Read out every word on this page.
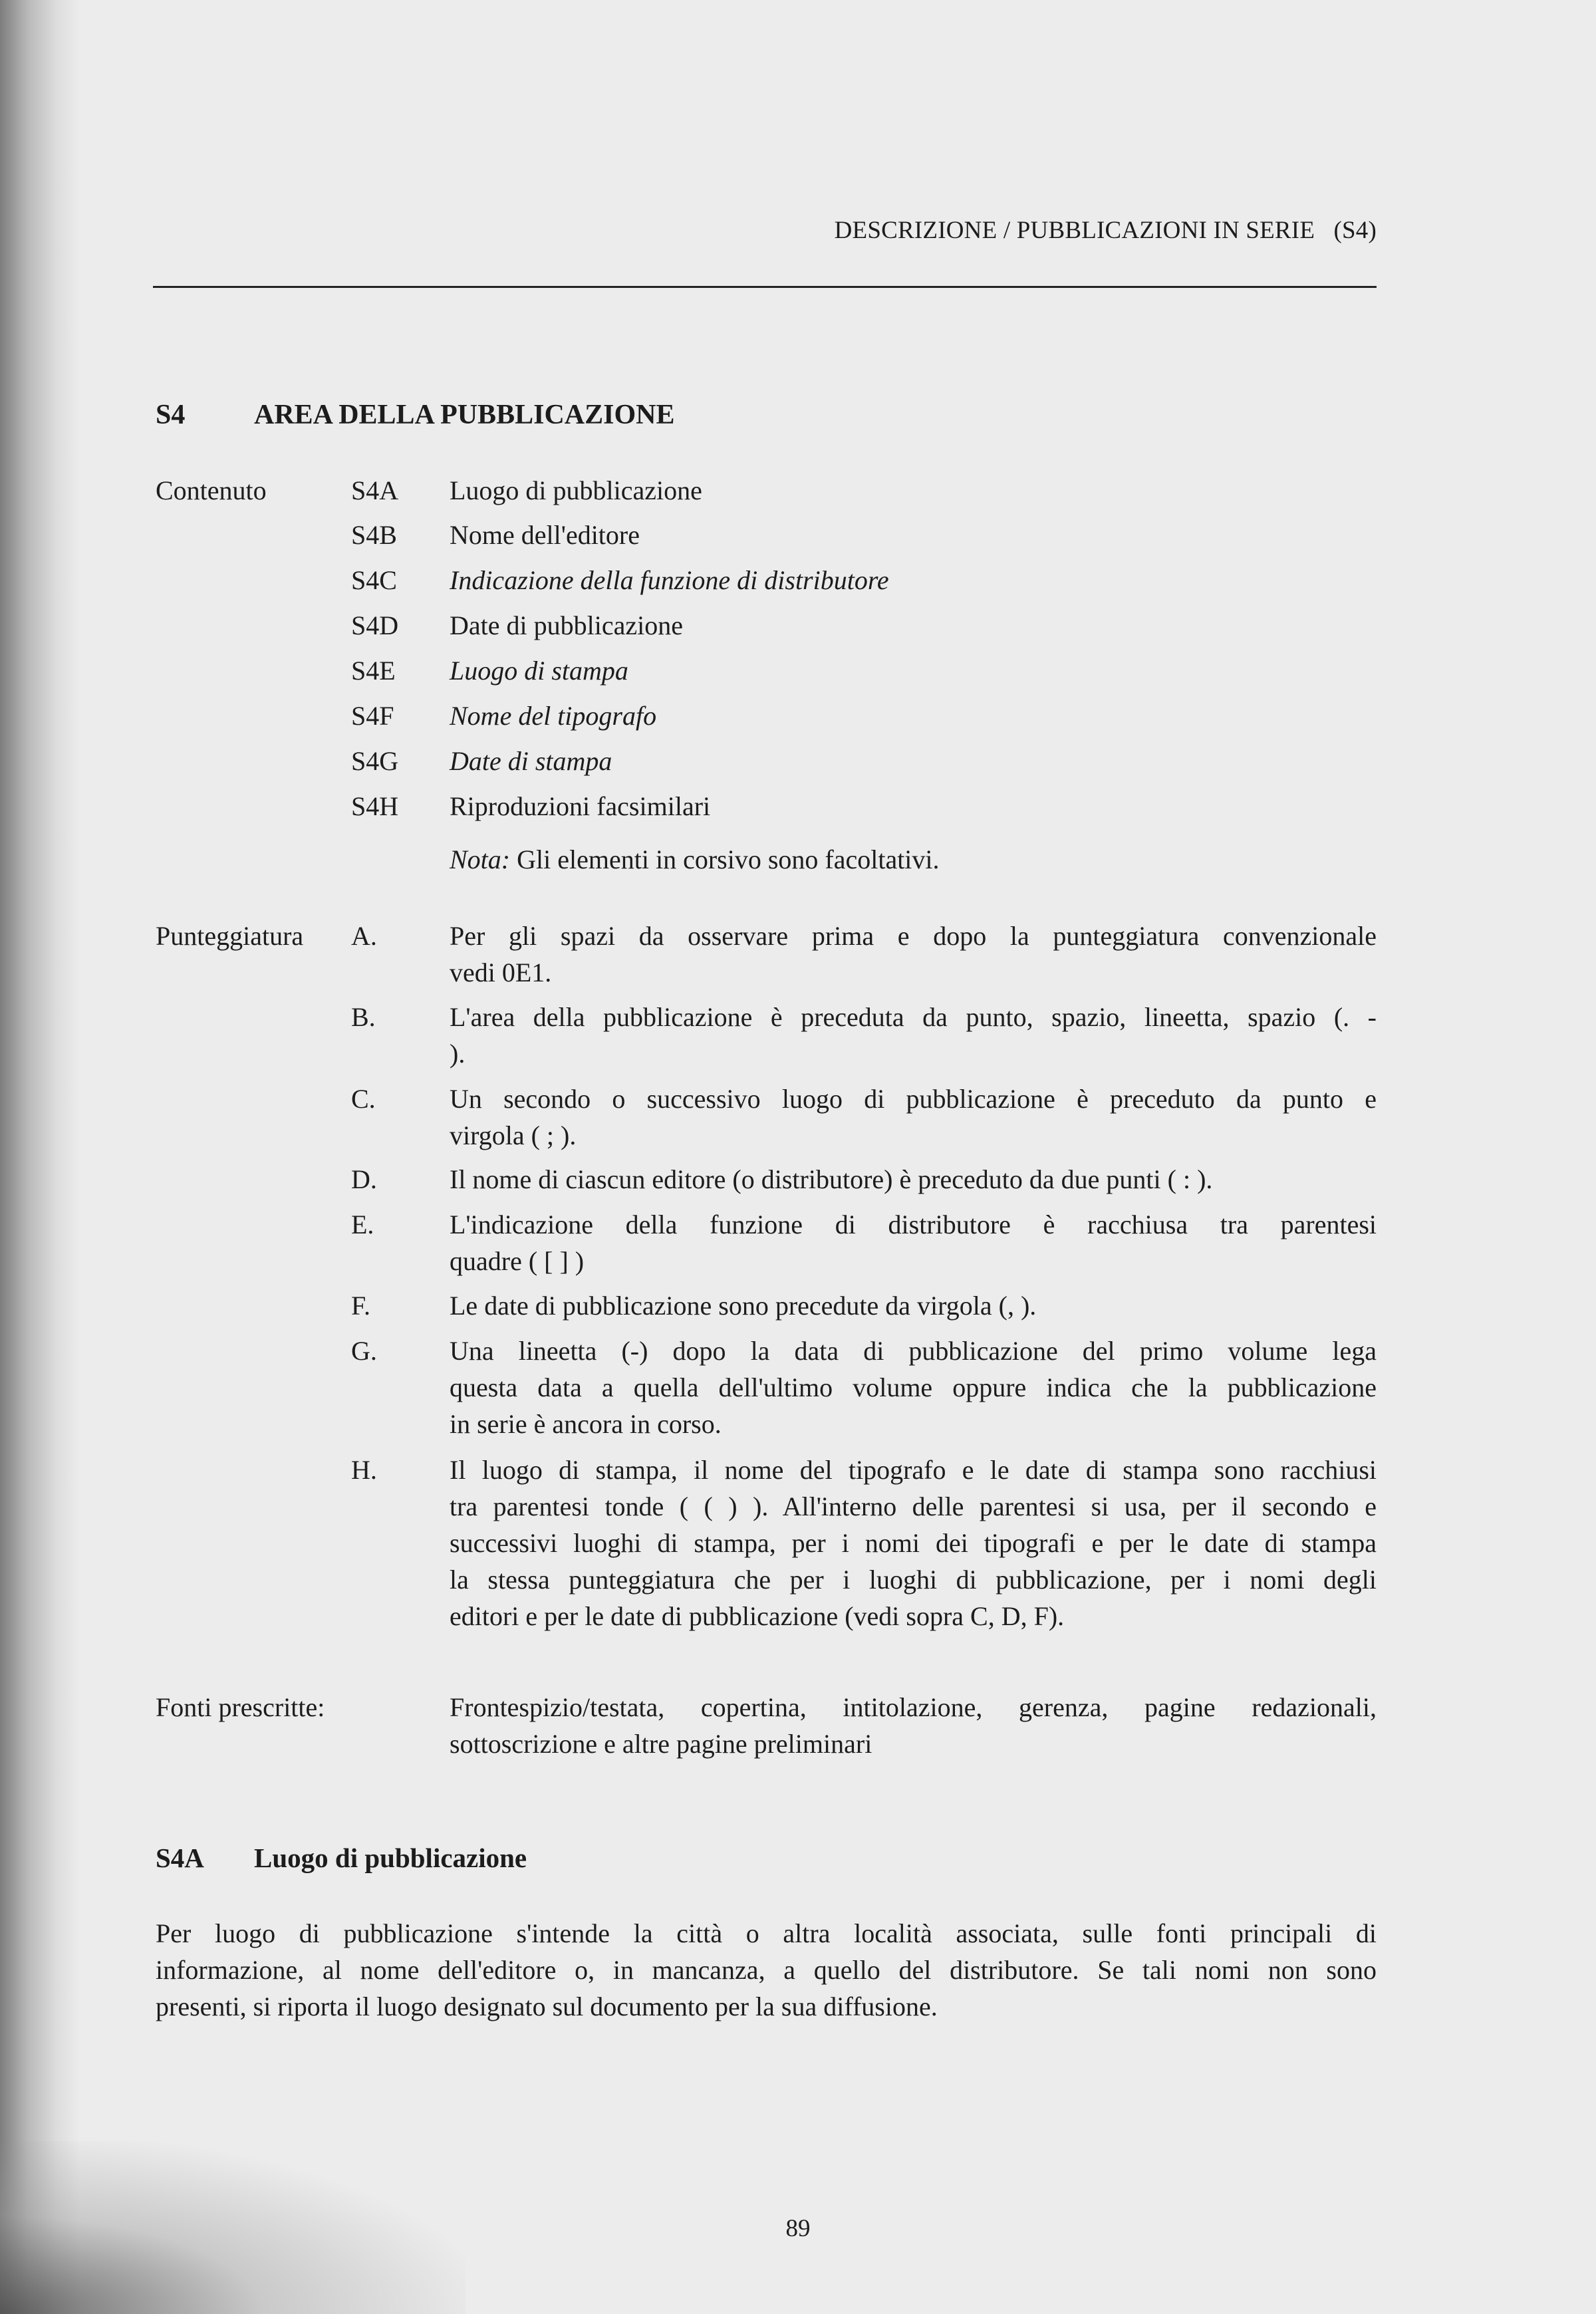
DESCRIZIONE / PUBBLICAZIONI IN SERIE   (S4)
S4 AREA DELLA PUBBLICAZIONE
Contenuto	S4A Luogo di pubblicazione
S4B Nome dell'editore
S4C Indicazione della funzione di distributore
S4D Date di pubblicazione
S4E Luogo di stampa
S4F Nome del tipografo
S4G Date di stampa
S4H Riproduzioni facsimilari
Nota: Gli elementi in corsivo sono facoltativi.
Punteggiatura A.	Per gli spazi da osservare prima e dopo la punteggiatura convenzionale
vedi 0E1.
B.	L'area della pubblicazione è preceduta da punto, spazio, lineetta, spazio (. -
).
C.	Un secondo o successivo luogo di pubblicazione è preceduto da punto e
virgola ( ; ).
D.	Il nome di ciascun editore (o distributore) è preceduto da due punti ( : ).
E.	L'indicazione della funzione di distributore è racchiusa tra parentesi
quadre ( [ ] )
F.	Le date di pubblicazione sono precedute da virgola (, ).
G.	Una lineetta (-) dopo la data di pubblicazione del primo volume lega
questa data a quella dell'ultimo volume oppure indica che la pubblicazione
in serie è ancora in corso.
H.	Il luogo di stampa, il nome del tipografo e le date di stampa sono racchiusi
tra parentesi tonde ( ( ) ). All'interno delle parentesi si usa, per il secondo e
successivi luoghi di stampa, per i nomi dei tipografi e per le date di stampa
la stessa punteggiatura che per i luoghi di pubblicazione, per i nomi degli
editori e per le date di pubblicazione (vedi sopra C, D, F).
Fonti prescritte:	Frontespizio/testata, copertina, intitolazione, gerenza, pagine redazionali,
sottoscrizione e altre pagine preliminari
S4A Luogo di pubblicazione
Per luogo di pubblicazione s'intende la città o altra località associata, sulle fonti principali di
informazione, al nome dell'editore o, in mancanza, a quello del distributore. Se tali nomi non sono
presenti, si riporta il luogo designato sul documento per la sua diffusione.
89
